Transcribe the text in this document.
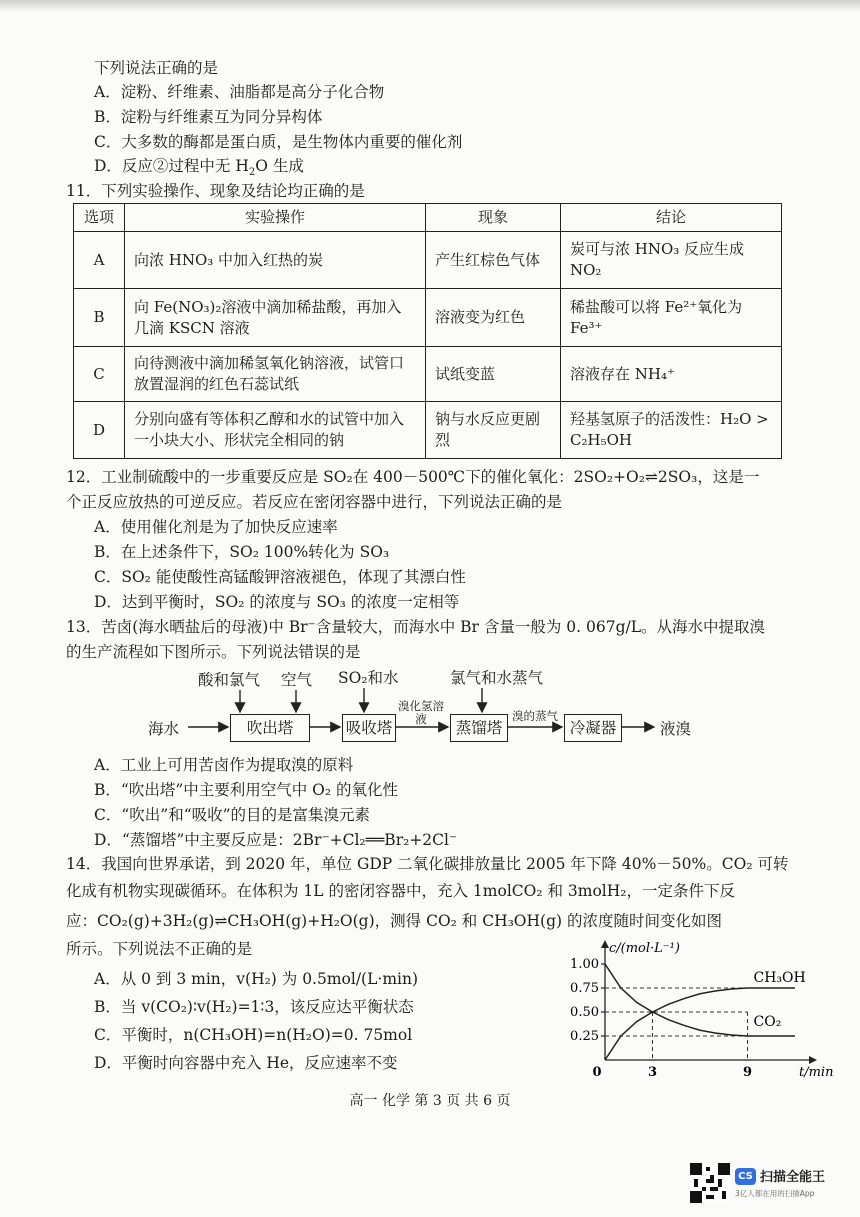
下列说法正确的是
A．淀粉、纤维素、油脂都是高分子化合物
B．淀粉与纤维素互为同分异构体
C．大多数的酶都是蛋白质，是生物体内重要的催化剂
D．反应②过程中无 $H_2O$ 生成
11．下列实验操作、现象及结论均正确的是
选项	实验操作	现象	结论
A	向浓 HNO₃ 中加入红热的炭	产生红棕色气体	炭可与浓 HNO₃ 反应生成 NO₂
B	向 Fe(NO₃)₂溶液中滴加稀盐酸，再加入几滴 KSCN 溶液	溶液变为红色	稀盐酸可以将 Fe²⁺氧化为 Fe³⁺
C	向待测液中滴加稀氢氧化钠溶液，试管口放置湿润的红色石蕊试纸	试纸变蓝	溶液存在 NH₄⁺
D	分别向盛有等体积乙醇和水的试管中加入一小块大小、形状完全相同的钠	钠与水反应更剧烈	羟基氢原子的活泼性：H₂O > C₂H₅OH
12．工业制硫酸中的一步重要反应是 SO₂在 400－500℃下的催化氧化：2SO₂+O₂⇌2SO₃，这是一
个正反应放热的可逆反应。若反应在密闭容器中进行，下列说法正确的是
A．使用催化剂是为了加快反应速率
B．在上述条件下，SO₂ 100%转化为 SO₃
C．SO₂ 能使酸性高锰酸钾溶液褪色，体现了其漂白性
D．达到平衡时，SO₂ 的浓度与 SO₃ 的浓度一定相等
13．苦卤(海水晒盐后的母液)中 Br⁻含量较大，而海水中 Br 含量一般为 0. 067g/L。从海水中提取溴
的生产流程如下图所示。下列说法错误的是
酸和氯气 空气 SO₂和水	氯气和水蒸气
海水	吹出塔	吸收塔
溴化氢溶液	蒸馏塔
溴的蒸气
冷凝器	液溴
A．工业上可用苦卤作为提取溴的原料
B．“吹出塔”中主要利用空气中 O₂ 的氧化性
C．“吹出”和“吸收”的目的是富集溴元素
D．“蒸馏塔”中主要反应是：2Br⁻+Cl₂══Br₂+2Cl⁻
14．我国向世界承诺，到 2020 年，单位 GDP 二氧化碳排放量比 2005 年下降 40%－50%。CO₂ 可转
化成有机物实现碳循环。在体积为 1L 的密闭容器中，充入 1molCO₂ 和 3molH₂，一定条件下反
应：CO₂(g)+3H₂(g)⇌CH₃OH(g)+H₂O(g)，测得 CO₂ 和 CH₃OH(g) 的浓度随时间变化如图
所示。下列说法不正确的是
A．从 0 到 3 min，v(H₂) 为 0.5mol/(L·min)
B．当 v(CO₂)∶v(H₂)=1∶3，该反应达平衡状态
C．平衡时，n(CH₃OH)=n(H₂O)=0. 75mol
D．平衡时向容器中充入 He，反应速率不变
1.00
0.75
0.50
0.25
0	3	9
c/(mol·L⁻¹)
t/min
CH₃OH
CO₂
高一 化学 第 3 页 共 6 页
CS 扫描全能王
3亿人都在用的扫描App
